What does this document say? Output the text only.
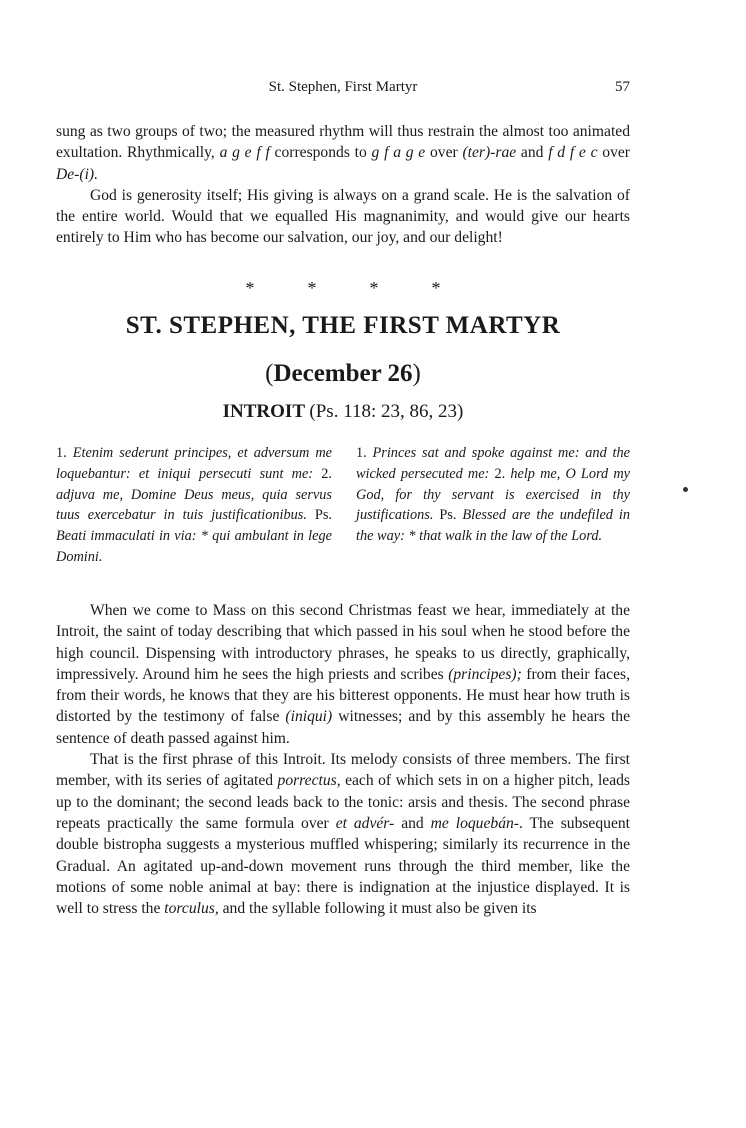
St. Stephen, First Martyr	57

sung as two groups of two; the measured rhythm will thus restrain the almost too animated exultation. Rhythmically, a g e f f corresponds to g f a g e over (ter)-rae and f d f e c over De-(i).

God is generosity itself; His giving is always on a grand scale. He is the salvation of the entire world. Would that we equalled His magnanimity, and would give our hearts entirely to Him who has become our salvation, our joy, and our delight!

*	*	*	*
ST. STEPHEN, THE FIRST MARTYR
(December 26)
INTROIT (Ps. 118: 23, 86, 23)
1. Etenim sederunt principes, et adversum me loquebantur: et iniqui persecuti sunt me: 2. adjuva me, Domine Deus meus, quia servus tuus exercebatur in tuis justificationibus. Ps. Beati immaculati in via: * qui ambulant in lege Domini.
1. Princes sat and spoke against me: and the wicked persecuted me: 2. help me, O Lord my God, for thy servant is exercised in thy justifications. Ps. Blessed are the undefiled in the way: * that walk in the law of the Lord.

When we come to Mass on this second Christmas feast we hear, immediately at the Introit, the saint of today describing that which passed in his soul when he stood before the high council. Dispensing with introductory phrases, he speaks to us directly, graphically, impressively. Around him he sees the high priests and scribes (principes); from their faces, from their words, he knows that they are his bitterest opponents. He must hear how truth is distorted by the testimony of false (iniqui) witnesses; and by this assembly he hears the sentence of death passed against him.

That is the first phrase of this Introit. Its melody consists of three members. The first member, with its series of agitated porrectus, each of which sets in on a higher pitch, leads up to the dominant; the second leads back to the tonic: arsis and thesis. The second phrase repeats practically the same formula over et advér- and me loquebán-. The subsequent double bistropha suggests a mysterious muffled whispering; similarly its recurrence in the Gradual. An agitated up-and-down movement runs through the third member, like the motions of some noble animal at bay: there is indignation at the injustice displayed. It is well to stress the torculus, and the syllable following it must also be given its
